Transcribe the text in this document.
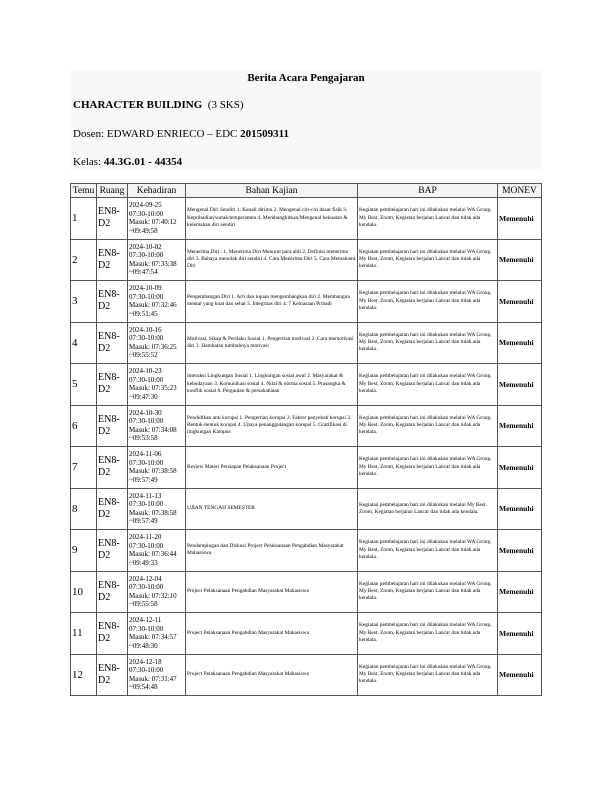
Berita Acara Pengajaran
CHARACTER BUILDING (3 SKS)
Dosen: EDWARD ENRIECO – EDC 201509311
Kelas: 44.3G.01 - 44354
Temu	Ruang	Kehadiran	Bahan Kajian	BAP	MONEV
1	EN8-D2	2024-09-25
07:30-10:00
Masuk: 07:40:12
~09:49:58	Mengenal Diri Sendiri 1. Kenali dirimu 2. Mengenal ciri-ciri dasar fisik 3. Kepribadian/watak/temperamen 4. Membangkitkan/Mengenal kekuatan & kelemahan diri sendiri	Kegiatan pembelajaran hari ini dilakukan melalui WA Group, My Best, Zoom, Kegiatan berjalan Lancar dan tidak ada kendala.	Memenuhi
2	EN8-D2	2024-10-02
07:30-10:00
Masuk: 07:33:38
~09:47:54	Menerima Diri : 1. Menerima Diri Menurut para ahli 2. Definisi menerima diri 3. Bahaya menolak diri sendiri 4. Cara Menerima Diri 5. Cara Memahami Diri	Kegiatan pembelajaran hari ini dilakukan melalui WA Group, My Best, Zoom, Kegiatan berjalan Lancar dan tidak ada kendala.	Memenuhi
3	EN8-D2	2024-10-09
07:30-10:00
Masuk: 07:32:46
~09:51:45	Pengembangan Diri 1. Arti dan tujuan mengembangkan diri 2. Membangun mental yang kuat dan sehat 3. Integritas diri 4. 7 Kebiasaan Pribadi	Kegiatan pembelajaran hari ini dilakukan melalui WA Group, My Best, Zoom, Kegiatan berjalan Lancar dan tidak ada kendala.	Memenuhi
4	EN8-D2	2024-10-16
07:30-10:00
Masuk: 07:36:25
~09:55:52	Motivasi, Sikap & Perilaku Sosial 1. Pengertian motivasi 2. Cara memotivasi diri 3. Hambatan tumbuhnya motivasi	Kegiatan pembelajaran hari ini dilakukan melalui WA Group, My Best, Zoom, Kegiatan berjalan Lancar dan tidak ada kendala.	Memenuhi
5	EN8-D2	2024-10-23
07:30-10:00
Masuk: 07:35:23
~09:47:30	Interaksi Lingkungan Sosial 1. Lingkungan sosial awal 2. Masyarakat & kebudayaan 3. Komunikasi sosial 4. Nilai & norma sosial 5. Prasangka & konflik sosial 6. Pergaulan & persahabatan	Kegiatan pembelajaran hari ini dilakukan melalui WA Group, My Best, Zoom, Kegiatan berjalan Lancar dan tidak ada kendala.	Memenuhi
6	EN8-D2	2024-10-30
07:30-10:00
Masuk: 07:34:08
~09:53:58	Pendidikan anti korupsi 1. Pengertian korupsi 2. Faktor penyebab korupsi 3. Bentuk-bentuk korupsi 4. Upaya penanggulangan korupsi 5. Gratifikasi di lingkungan Kampus	Kegiatan pembelajaran hari ini dilakukan melalui WA Group, My Best, Zoom, Kegiatan berjalan Lancar dan tidak ada kendala.	Memenuhi
7	EN8-D2	2024-11-06
07:30-10:00
Masuk: 07:38:58
~09:57:49	Review Materi Persiapan Pelaksanaan Project	Kegiatan pembelajaran hari ini dilakukan melalui WA Group, My Best, Zoom, Kegiatan berjalan Lancar dan tidak ada kendala.	Memenuhi
8	EN8-D2	2024-11-13
07:30-10:00
Masuk: 07:38:58
~09:57:49	UJIAN TENGAH SEMESTER	Kegiatan pembelajaran hari ini dilakukan melalui My Best, Zoom, Kegiatan berjalan Lancar dan tidak ada kendala.	Memenuhi
9	EN8-D2	2024-11-20
07:30-10:00
Masuk: 07:36:44
~09:49:33	Pendampingan dan Diskusi Project Pelaksanaan Pengabdian Masyarakat Mahasiswa	Kegiatan pembelajaran hari ini dilakukan melalui WA Group, My Best, Zoom, Kegiatan berjalan Lancar dan tidak ada kendala.	Memenuhi
10	EN8-D2	2024-12-04
07:30-10:00
Masuk: 07:32:10
~09:55:58	Project Pelaksanaan Pengabdian Masyarakat Mahasiswa	Kegiatan pembelajaran hari ini dilakukan melalui WA Group, My Best, Zoom, Kegiatan berjalan Lancar dan tidak ada kendala.	Memenuhi
11	EN8-D2	2024-12-11
07:30-10:00
Masuk: 07:34:57
~09:48:30	Project Pelaksanaan Pengabdian Masyarakat Mahasiswa	Kegiatan pembelajaran hari ini dilakukan melalui WA Group, My Best, Zoom, Kegiatan berjalan Lancar dan tidak ada kendala.	Memenuhi
12	EN8-D2	2024-12-18
07:30-10:00
Masuk: 07:31:47
~09:54:48	Project Pelaksanaan Pengabdian Masyarakat Mahasiswa	Kegiatan pembelajaran hari ini dilakukan melalui WA Group, My Best, Zoom, Kegiatan berjalan Lancar dan tidak ada kendala.	Memenuhi
